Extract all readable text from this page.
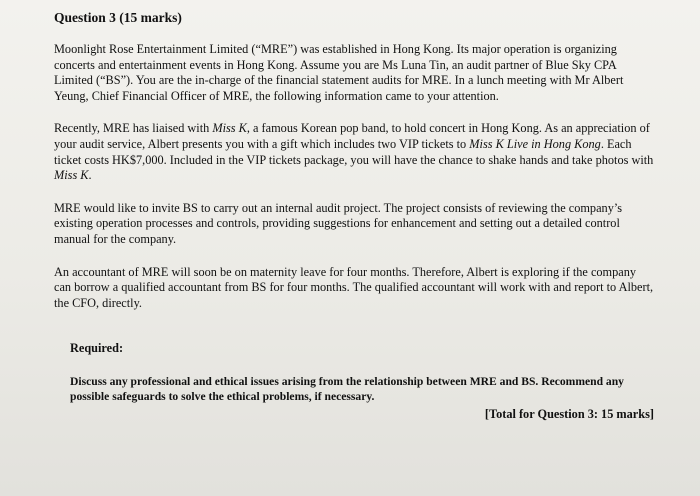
Question 3 (15 marks)

Moonlight Rose Entertainment Limited (“MRE”) was established in Hong Kong. Its major operation is organizing concerts and entertainment events in Hong Kong. Assume you are Ms Luna Tin, an audit partner of Blue Sky CPA Limited (“BS”). You are the in-charge of the financial statement audits for MRE. In a lunch meeting with Mr Albert Yeung, Chief Financial Officer of MRE, the following information came to your attention.

Recently, MRE has liaised with Miss K, a famous Korean pop band, to hold concert in Hong Kong. As an appreciation of your audit service, Albert presents you with a gift which includes two VIP tickets to Miss K Live in Hong Kong. Each ticket costs HK$7,000. Included in the VIP tickets package, you will have the chance to shake hands and take photos with Miss K.

MRE would like to invite BS to carry out an internal audit project. The project consists of reviewing the company’s existing operation processes and controls, providing suggestions for enhancement and setting out a detailed control manual for the company.

An accountant of MRE will soon be on maternity leave for four months. Therefore, Albert is exploring if the company can borrow a qualified accountant from BS for four months. The qualified accountant will work with and report to Albert, the CFO, directly.

Required:
Discuss any professional and ethical issues arising from the relationship between MRE and BS. Recommend any possible safeguards to solve the ethical problems, if necessary.
[Total for Question 3: 15 marks]
